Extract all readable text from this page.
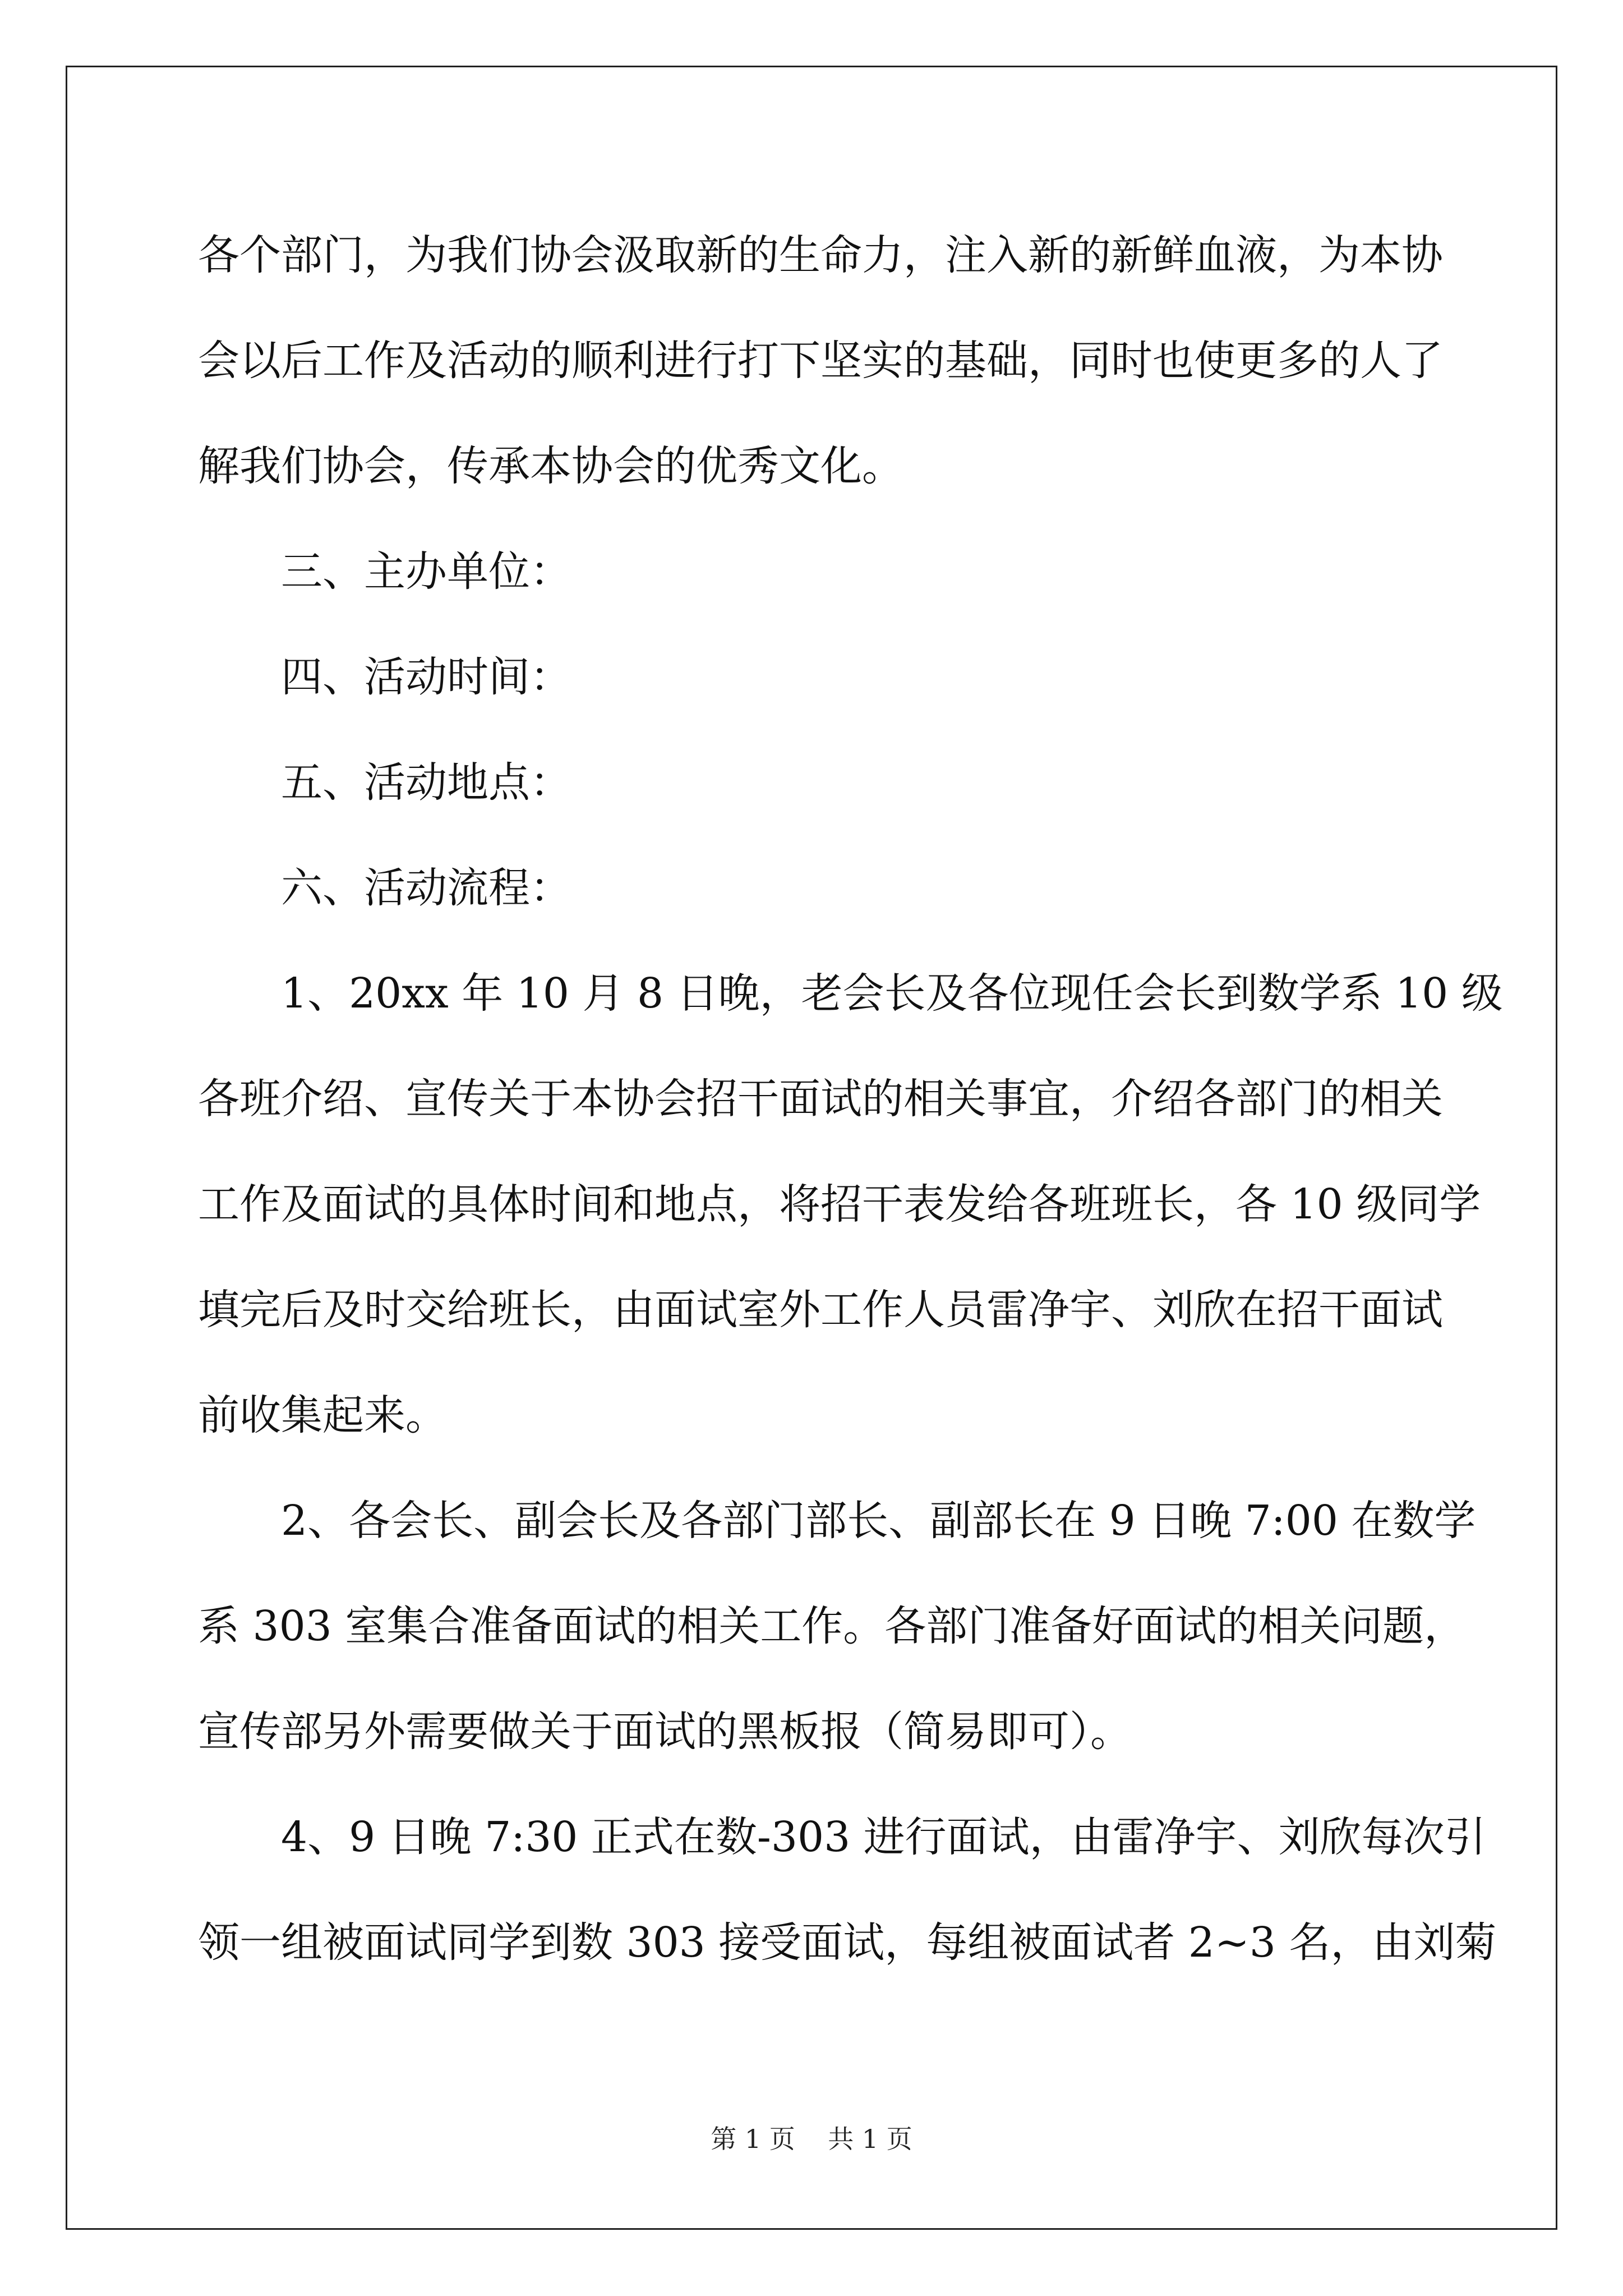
各个部门，为我们协会汲取新的生命力，注入新的新鲜血液，为本协
会以后工作及活动的顺利进行打下坚实的基础，同时也使更多的人了
解我们协会，传承本协会的优秀文化。
三、主办单位：
四、活动时间：
五、活动地点：
六、活动流程：
1、20xx 年 10 月 8 日晚，老会长及各位现任会长到数学系 10 级
各班介绍、宣传关于本协会招干面试的相关事宜，介绍各部门的相关
工作及面试的具体时间和地点，将招干表发给各班班长，各 10 级同学
填完后及时交给班长，由面试室外工作人员雷净宇、刘欣在招干面试
前收集起来。
2、各会长、副会长及各部门部长、副部长在 9 日晚 7:00 在数学
系 303 室集合准备面试的相关工作。各部门准备好面试的相关问题，
宣传部另外需要做关于面试的黑板报（简易即可）。
4、9 日晚 7:30 正式在数-303 进行面试，由雷净宇、刘欣每次引
领一组被面试同学到数 303 接受面试，每组被面试者 2~3 名，由刘菊
第 1 页    共 1 页
